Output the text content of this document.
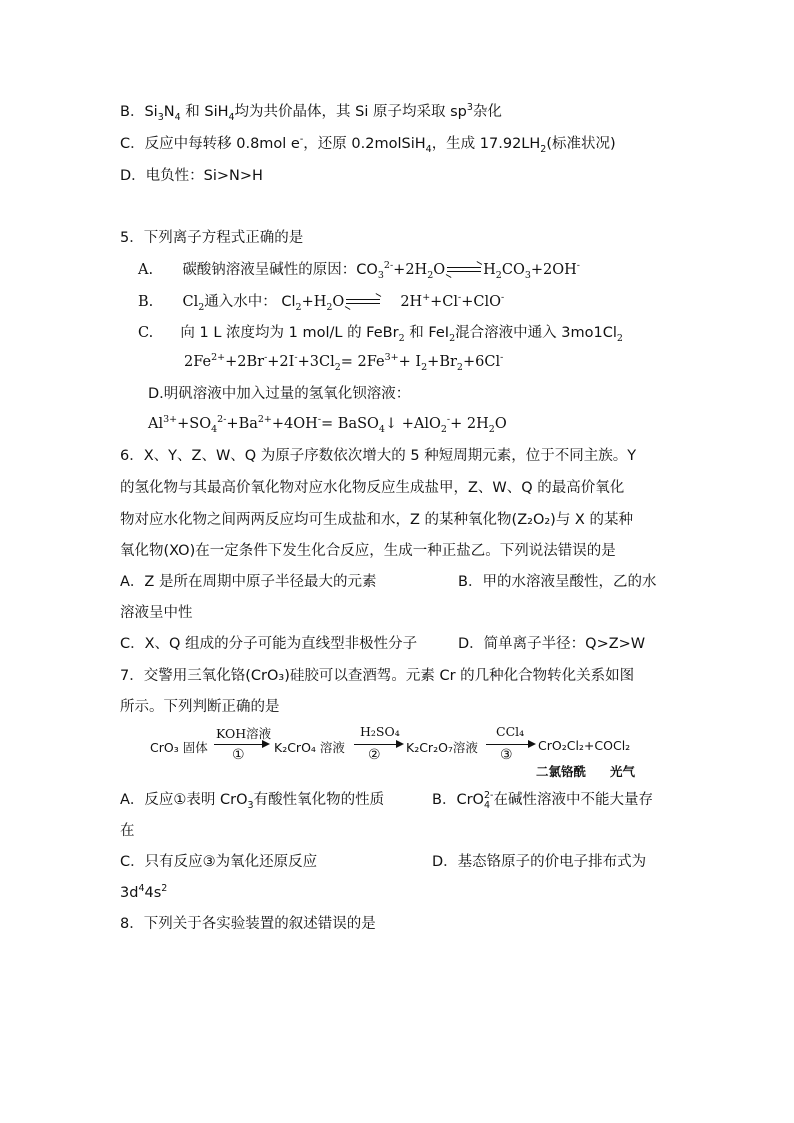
B．$Si_3N_4$ 和 SiH$_4$均为共价晶体，其 Si 原子均采取 $sp^3$杂化
C．反应中每转移 0.8mol e-，还原 0.2molSiH$_4$，生成 $17.92LH_2$(标准状况)
D．电负性：Si>N>H
5．下列离子方程式正确的是
A. 碳酸钠溶液呈碱性的原因：$CO_3^{2-}+2H_2O$	$H_2CO_3+2OH^-$
B. $Cl_2$通入水中： $Cl_2+H_2O$	2H++Cl-+ClO-
C. 向 1 L 浓度均为 1 mol/L 的 FeBr$_2$ 和 FeI$_2$混合溶液中通入 $3mo1Cl_2$
$2Fe^{2+}+2Br^-+2I^-+3Cl_2= 2Fe^{3+}+ I_2+Br_2+6Cl^-$
D.明矾溶液中加入过量的氢氧化钡溶液：
$Al^{3+}+SO_4^{2-}+Ba^{2+}+4OH^-=$ BaSO$_4$↓ $+AlO_2^-+ 2H_2O$
6．X、Y、Z、W、Q 为原子序数依次增大的 5 种短周期元素，位于不同主族。Y
的氢化物与其最高价氧化物对应水化物反应生成盐甲，Z、W、Q 的最高价氧化
物对应水化物之间两两反应均可生成盐和水，Z 的某种氧化物(Z₂O₂)与 X 的某种
氧化物(XO)在一定条件下发生化合反应，生成一种正盐乙。下列说法错误的是
A．Z 是所在周期中原子半径最大的元素	B．甲的水溶液呈酸性，乙的水
溶液呈中性
C．X、Q 组成的分子可能为直线型非极性分子	D．简单离子半径：Q>Z>W
7．交警用三氧化铬(CrO₃)硅胶可以查酒驾。元素 Cr 的几种化合物转化关系如图
所示。下列判断正确的是
CrO₃ 固体
KOH溶液
① K₂CrO₄ 溶液
H₂SO₄
② K₂Cr₂O₇溶液
CCl₄
③
CrO₂Cl₂+COCl₂
二氯铬酰 光气
A．反应①表明 CrO$_3$有酸性氧化物的性质	B．CrO$_4^{2-}$在碱性溶液中不能大量存
在
C．只有反应③为氧化还原反应	D．基态铬原子的价电子排布式为
$3d^44s^2$
8．下列关于各实验装置的叙述错误的是
